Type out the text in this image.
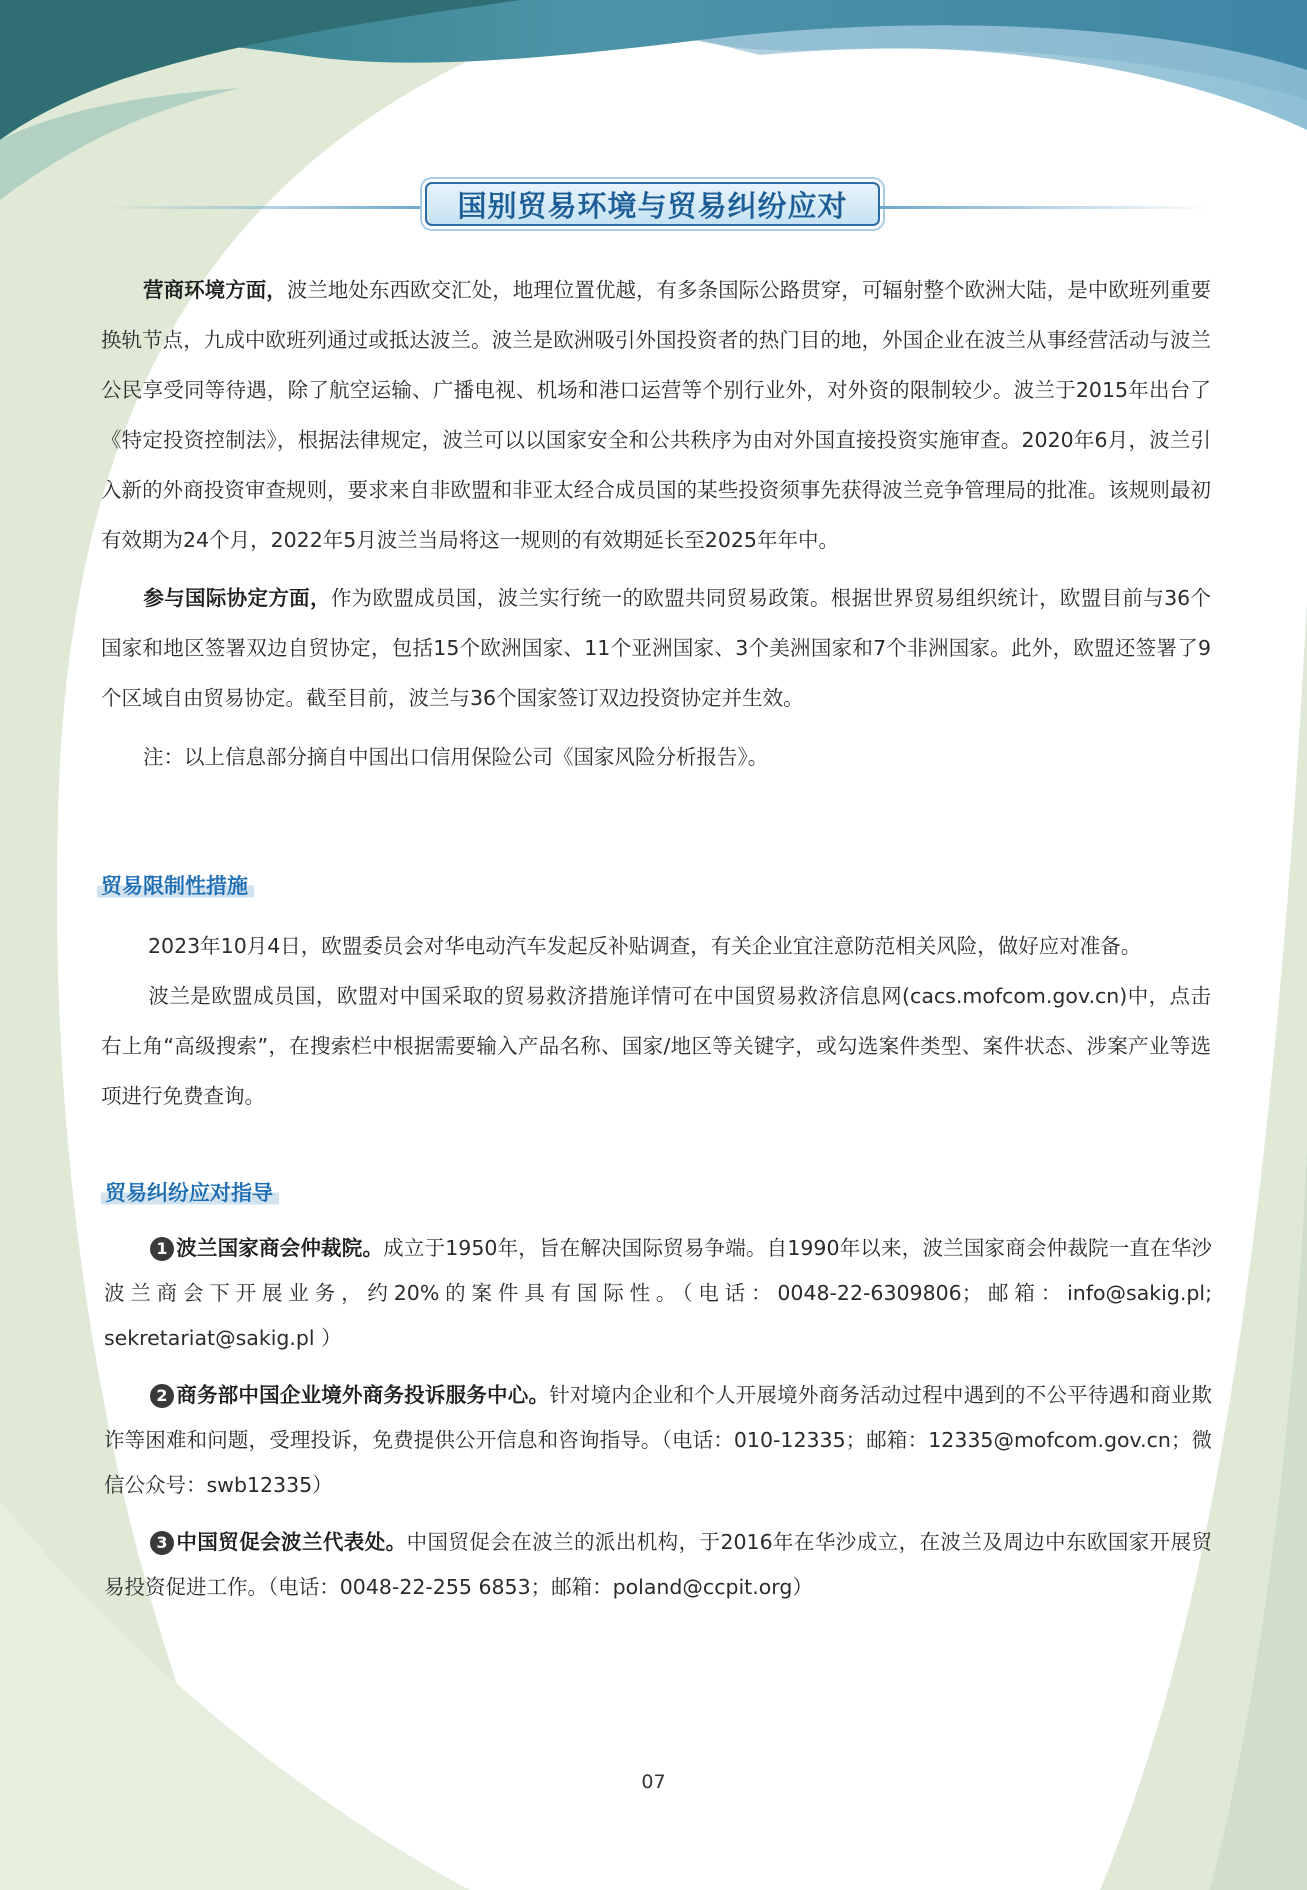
国别贸易环境与贸易纠纷应对

营商环境方面，波兰地处东西欧交汇处，地理位置优越，有多条国际公路贯穿，可辐射整个欧洲大陆，是中欧班列重要换轨节点，九成中欧班列通过或抵达波兰。波兰是欧洲吸引外国投资者的热门目的地，外国企业在波兰从事经营活动与波兰公民享受同等待遇，除了航空运输、广播电视、机场和港口运营等个别行业外，对外资的限制较少。波兰于2015年出台了《特定投资控制法》，根据法律规定，波兰可以以国家安全和公共秩序为由对外国直接投资实施审查。2020年6月，波兰引入新的外商投资审查规则，要求来自非欧盟和非亚太经合成员国的某些投资须事先获得波兰竞争管理局的批准。该规则最初有效期为24个月，2022年5月波兰当局将这一规则的有效期延长至2025年年中。

参与国际协定方面，作为欧盟成员国，波兰实行统一的欧盟共同贸易政策。根据世界贸易组织统计，欧盟目前与36个国家和地区签署双边自贸协定，包括15个欧洲国家、11个亚洲国家、3个美洲国家和7个非洲国家。此外，欧盟还签署了9个区域自由贸易协定。截至目前，波兰与36个国家签订双边投资协定并生效。

注：以上信息部分摘自中国出口信用保险公司《国家风险分析报告》。

贸易限制性措施

2023年10月4日，欧盟委员会对华电动汽车发起反补贴调查，有关企业宜注意防范相关风险，做好应对准备。

波兰是欧盟成员国，欧盟对中国采取的贸易救济措施详情可在中国贸易救济信息网(cacs.mofcom.gov.cn)中，点击右上角“高级搜索”，在搜索栏中根据需要输入产品名称、国家/地区等关键字，或勾选案件类型、案件状态、涉案产业等选项进行免费查询。

贸易纠纷应对指导

1 波兰国家商会仲裁院。成立于1950年，旨在解决国际贸易争端。自1990年以来，波兰国家商会仲裁院一直在华沙波兰商会下开展业务，约20%的案件具有国际性。（电话：0048-22-6309806；邮箱：info@sakig.pl; sekretariat@sakig.pl ）

2 商务部中国企业境外商务投诉服务中心。针对境内企业和个人开展境外商务活动过程中遇到的不公平待遇和商业欺诈等困难和问题，受理投诉，免费提供公开信息和咨询指导。（电话：010-12335；邮箱：12335@mofcom.gov.cn；微信公众号：swb12335）

3 中国贸促会波兰代表处。中国贸促会在波兰的派出机构，于2016年在华沙成立，在波兰及周边中东欧国家开展贸易投资促进工作。（电话：0048-22-255 6853；邮箱：poland@ccpit.org）

07
